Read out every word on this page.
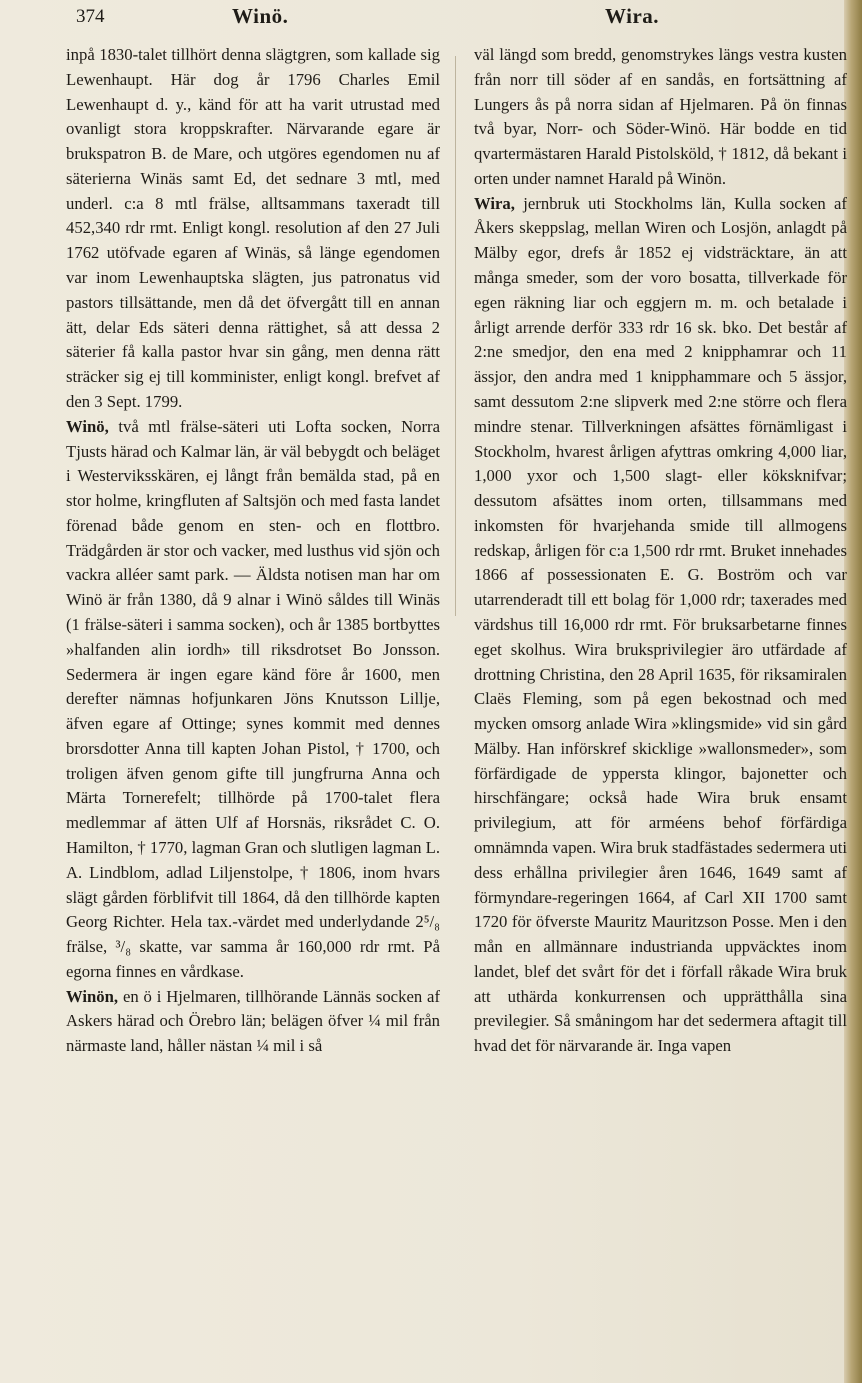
374	Winö.	Wira.

inpå 1830-talet tillhört denna slägtgren, som kallade sig Lewenhaupt. Här dog år 1796 Charles Emil Lewenhaupt d. y., känd för att ha varit utrustad med ovanligt stora kroppskrafter. Närvarande egare är brukspatron B. de Mare, och utgöres egendomen nu af säterierna Winäs samt Ed, det sednare 3 mtl, med underl. c:a 8 mtl frälse, alltsammans taxeradt till 452,340 rdr rmt. Enligt kongl. resolution af den 27 Juli 1762 utöfvade egaren af Winäs, så länge egendomen var inom Lewenhauptska slägten, jus patronatus vid pastors tillsättande, men då det öfvergått till en annan ätt, delar Eds säteri denna rättighet, så att dessa 2 säterier få kalla pastor hvar sin gång, men denna rätt sträcker sig ej till komminister, enligt kongl. brefvet af den 3 Sept. 1799.

Winö, två mtl frälse-säteri uti Lofta socken, Norra Tjusts härad och Kalmar län, är väl bebygdt och beläget i Westerviksskären, ej långt från bemälda stad, på en stor holme, kringfluten af Saltsjön och med fasta landet förenad både genom en sten- och en flottbro. Trädgården är stor och vacker, med lusthus vid sjön och vackra alléer samt park. — Äldsta notisen man har om Winö är från 1380, då 9 alnar i Winö såldes till Winäs (1 frälse-säteri i samma socken), och år 1385 bortbyttes »halfanden alin iordh» till riksdrotset Bo Jonsson. Sedermera är ingen egare känd före år 1600, men derefter nämnas hofjunkaren Jöns Knutsson Lillje, äfven egare af Ottinge; synes kommit med dennes brorsdotter Anna till kapten Johan Pistol, † 1700, och troligen äfven genom gifte till jungfrurna Anna och Märta Tornerefelt; tillhörde på 1700-talet flera medlemmar af ätten Ulf af Horsnäs, riksrådet C. O. Hamilton, † 1770, lagman Gran och slutligen lagman L. A. Lindblom, adlad Liljenstolpe, † 1806, inom hvars slägt gården förblifvit till 1864, då den tillhörde kapten Georg Richter. Hela tax.-värdet med underlydande 2⁵/₈ frälse, ³/₈ skatte, var samma år 160,000 rdr rmt. På egorna finnes en vårdkase.

Winön, en ö i Hjelmaren, tillhörande Lännäs socken af Askers härad och Örebro län; belägen öfver ¼ mil från närmaste land, håller nästan ¼ mil i så

väl längd som bredd, genomstrykes längs vestra kusten från norr till söder af en sandås, en fortsättning af Lungers ås på norra sidan af Hjelmaren. På ön finnas två byar, Norr- och Söder-Winö. Här bodde en tid qvartermästaren Harald Pistolsköld, † 1812, då bekant i orten under namnet Harald på Winön.

Wira, jernbruk uti Stockholms län, Kulla socken af Åkers skeppslag, mellan Wiren och Losjön, anlagdt på Mälby egor, drefs år 1852 ej vidsträcktare, än att många smeder, som der voro bosatta, tillverkade för egen räkning liar och eggjern m. m. och betalade i årligt arrende derför 333 rdr 16 sk. bko. Det består af 2:ne smedjor, den ena med 2 knipphamrar och 11 ässjor, den andra med 1 knipphammare och 5 ässjor, samt dessutom 2:ne slipverk med 2:ne större och flera mindre stenar. Tillverkningen afsättes förnämligast i Stockholm, hvarest årligen afyttras omkring 4,000 liar, 1,000 yxor och 1,500 slagt- eller köksknifvar; dessutom afsättes inom orten, tillsammans med inkomsten för hvarjehanda smide till allmogens redskap, årligen för c:a 1,500 rdr rmt. Bruket innehades 1866 af possessionaten E. G. Boström och var utarrenderadt till ett bolag för 1,000 rdr; taxerades med värdshus till 16,000 rdr rmt. För bruksarbetarne finnes eget skolhus. Wira bruksprivilegier äro utfärdade af drottning Christina, den 28 April 1635, för riksamiralen Claës Fleming, som på egen bekostnad och med mycken omsorg anlade Wira »klingsmide» vid sin gård Mälby. Han införskref skicklige »wallonsmeder», som förfärdigade de yppersta klingor, bajonetter och hirschfängare; också hade Wira bruk ensamt privilegium, att för arméens behof förfärdiga omnämnda vapen. Wira bruk stadfästades sedermera uti dess erhållna privilegier åren 1646, 1649 samt af förmyndare-regeringen 1664, af Carl XII 1700 samt 1720 för öfverste Mauritz Mauritzson Posse. Men i den mån en allmännare industrianda uppväcktes inom landet, blef det svårt för det i förfall råkade Wira bruk att uthärda konkurrensen och upprätthålla sina previlegier. Så småningom har det sedermera aftagit till hvad det för närvarande är. Inga vapen
